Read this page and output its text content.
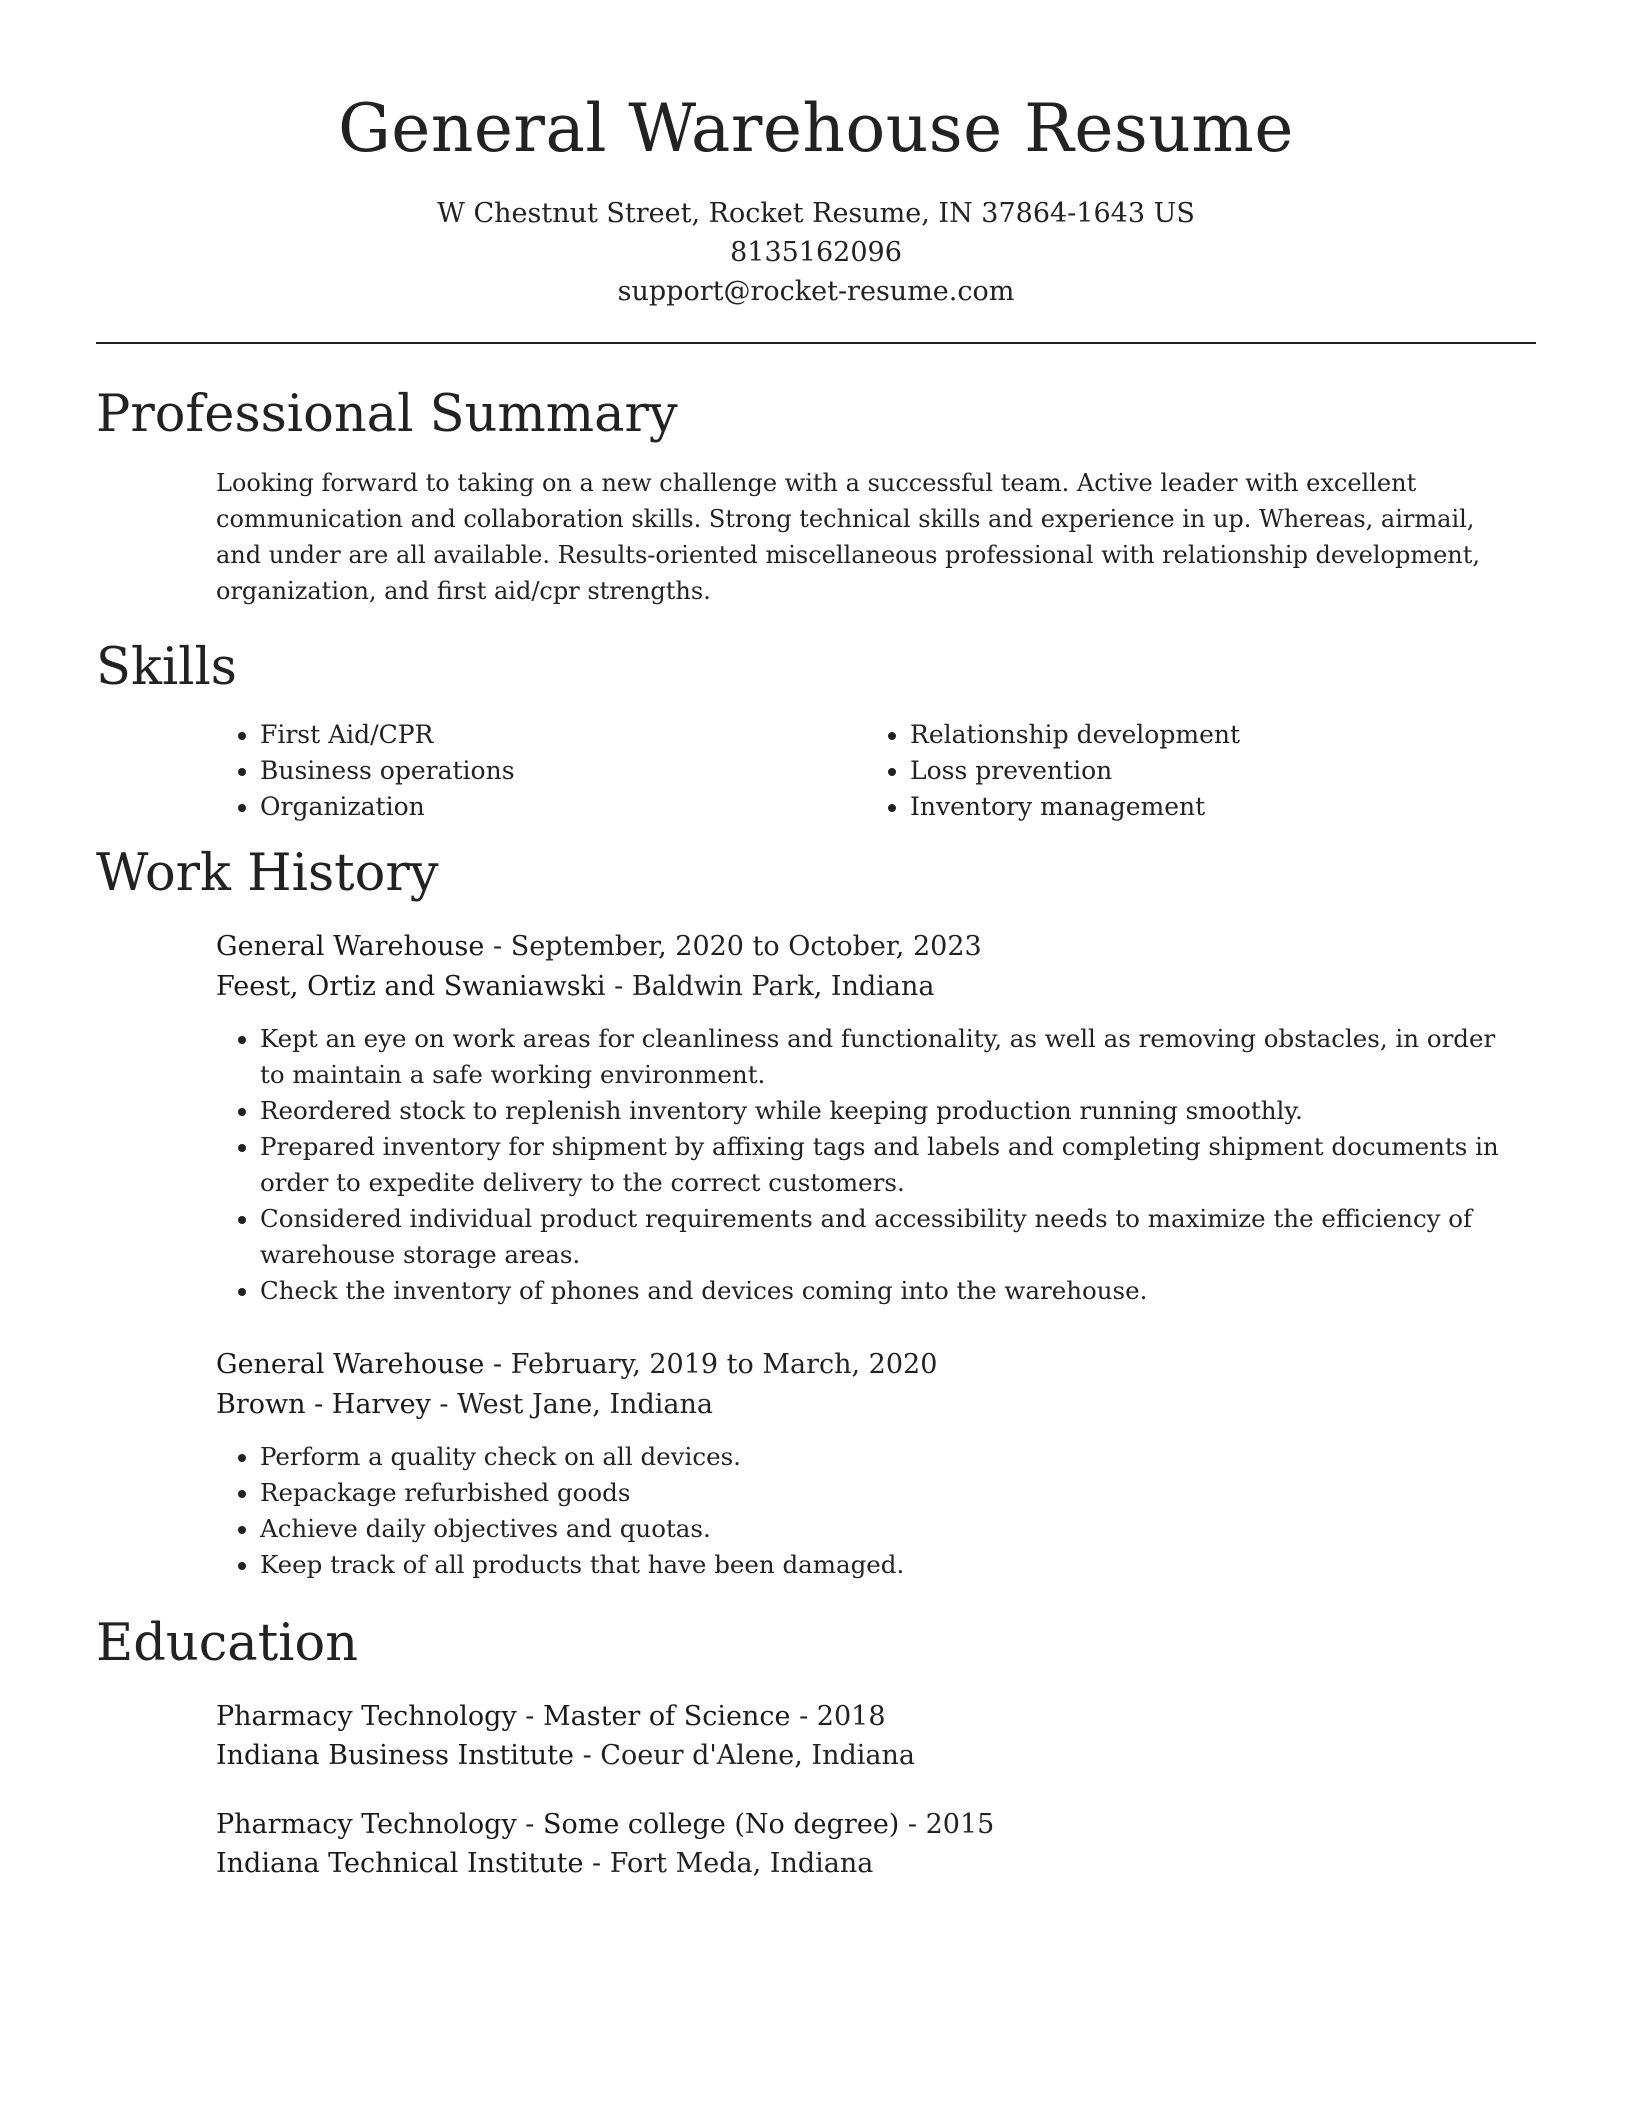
General Warehouse Resume
W Chestnut Street, Rocket Resume, IN 37864-1643 US
8135162096
support@rocket-resume.com
Professional Summary

Looking forward to taking on a new challenge with a successful team. Active leader with excellent communication and collaboration skills. Strong technical skills and experience in up. Whereas, airmail, and under are all available. Results-oriented miscellaneous professional with relationship development, organization, and first aid/cpr strengths.

Skills
• First Aid/CPR
• Business operations
• Organization
• Relationship development
• Loss prevention
• Inventory management
Work History
General Warehouse - September, 2020 to October, 2023
Feest, Ortiz and Swaniawski - Baldwin Park, Indiana
• Kept an eye on work areas for cleanliness and functionality, as well as removing obstacles, in order to maintain a safe working environment.
• Reordered stock to replenish inventory while keeping production running smoothly.
• Prepared inventory for shipment by affixing tags and labels and completing shipment documents in order to expedite delivery to the correct customers.
• Considered individual product requirements and accessibility needs to maximize the efficiency of warehouse storage areas.
• Check the inventory of phones and devices coming into the warehouse.
General Warehouse - February, 2019 to March, 2020
Brown - Harvey - West Jane, Indiana
• Perform a quality check on all devices.
• Repackage refurbished goods
• Achieve daily objectives and quotas.
• Keep track of all products that have been damaged.
Education
Pharmacy Technology - Master of Science - 2018
Indiana Business Institute - Coeur d'Alene, Indiana
Pharmacy Technology - Some college (No degree) - 2015
Indiana Technical Institute - Fort Meda, Indiana
